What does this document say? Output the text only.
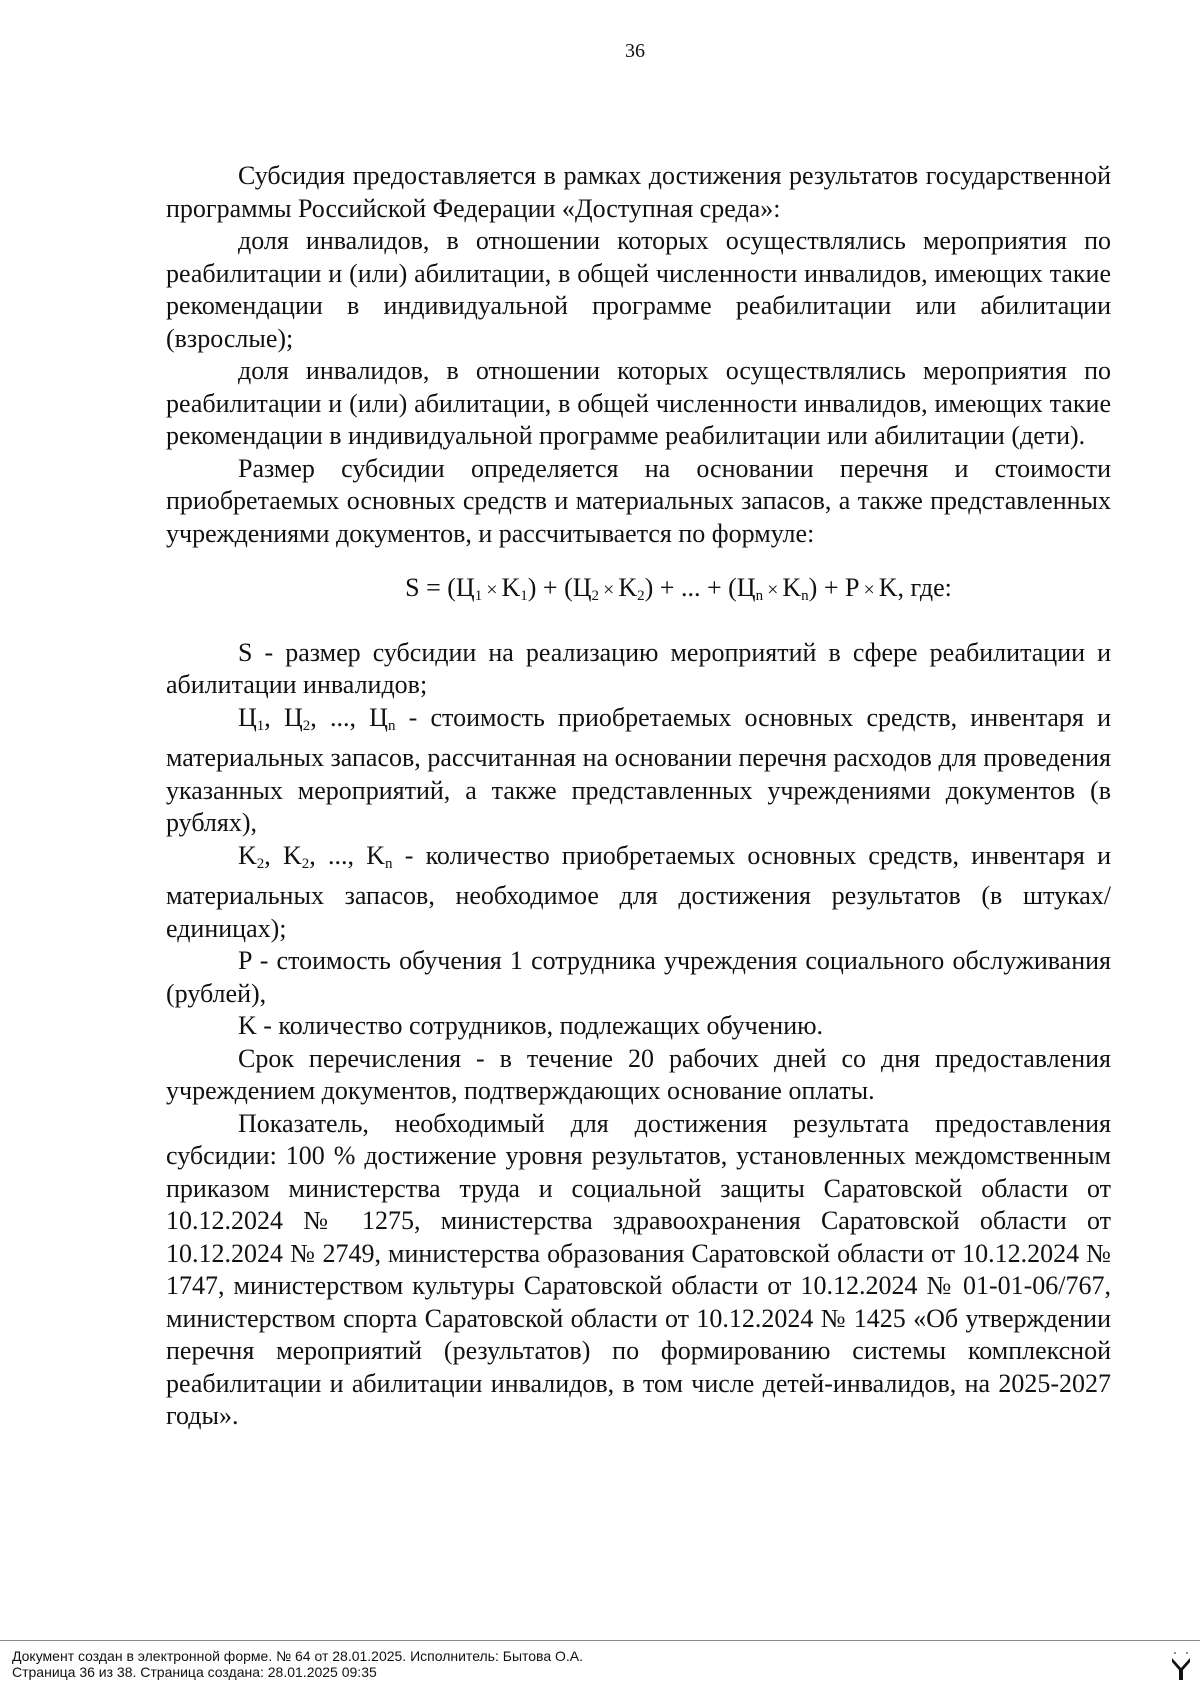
36

Субсидия предоставляется в рамках достижения результатов государственной программы Российской Федерации «Доступная среда»:

доля инвалидов, в отношении которых осуществлялись мероприятия по реабилитации и (или) абилитации, в общей численности инвалидов, имеющих такие рекомендации в индивидуальной программе реабилитации или абилитации (взрослые);

доля инвалидов, в отношении которых осуществлялись мероприятия по реабилитации и (или) абилитации, в общей численности инвалидов, имеющих такие рекомендации в индивидуальной программе реабилитации или абилитации (дети).

Размер субсидии определяется на основании перечня и стоимости приобретаемых основных средств и материальных запасов, а также представленных учреждениями документов, и рассчитывается по формуле:

$S = (Ц_1 \times K_1) + (Ц_2 \times K_2)$ + ... + $(Ц_n \times K_n) + P \times K$, где:

S - размер субсидии на реализацию мероприятий в сфере реабилитации и абилитации инвалидов;

$Ц_1$, $Ц_2$, ..., $Ц_n$ - стоимость приобретаемых основных средств, инвентаря и материальных запасов, рассчитанная на основании перечня расходов для проведения указанных мероприятий, а также представленных учреждениями документов (в рублях),

$K_2$, $K_2$, ..., $K_n$ - количество приобретаемых основных средств, инвентаря и материальных запасов, необходимое для достижения результатов (в штуках/единицах);

P - стоимость обучения 1 сотрудника учреждения социального обслуживания (рублей),

K - количество сотрудников, подлежащих обучению.

Срок перечисления - в течение 20 рабочих дней со дня предоставления учреждением документов, подтверждающих основание оплаты.

Показатель, необходимый для достижения результата предоставления субсидии: 100 % достижение уровня результатов, установленных междомственным приказом министерства труда и социальной защиты Саратовской области от 10.12.2024 № 1275, министерства здравоохранения Саратовской области от 10.12.2024 № 2749, министерства образования Саратовской области от 10.12.2024 № 1747, министерством культуры Саратовской области от 10.12.2024 № 01-01-06/767, министерством спорта Саратовской области от 10.12.2024 № 1425 «Об утверждении перечня мероприятий (результатов) по формированию системы комплексной реабилитации и абилитации инвалидов, в том числе детей-инвалидов, на 2025-2027 годы».

Документ создан в электронной форме. № 64 от 28.01.2025. Исполнитель: Бытова О.А.
Страница 36 из 38. Страница создана: 28.01.2025 09:35
